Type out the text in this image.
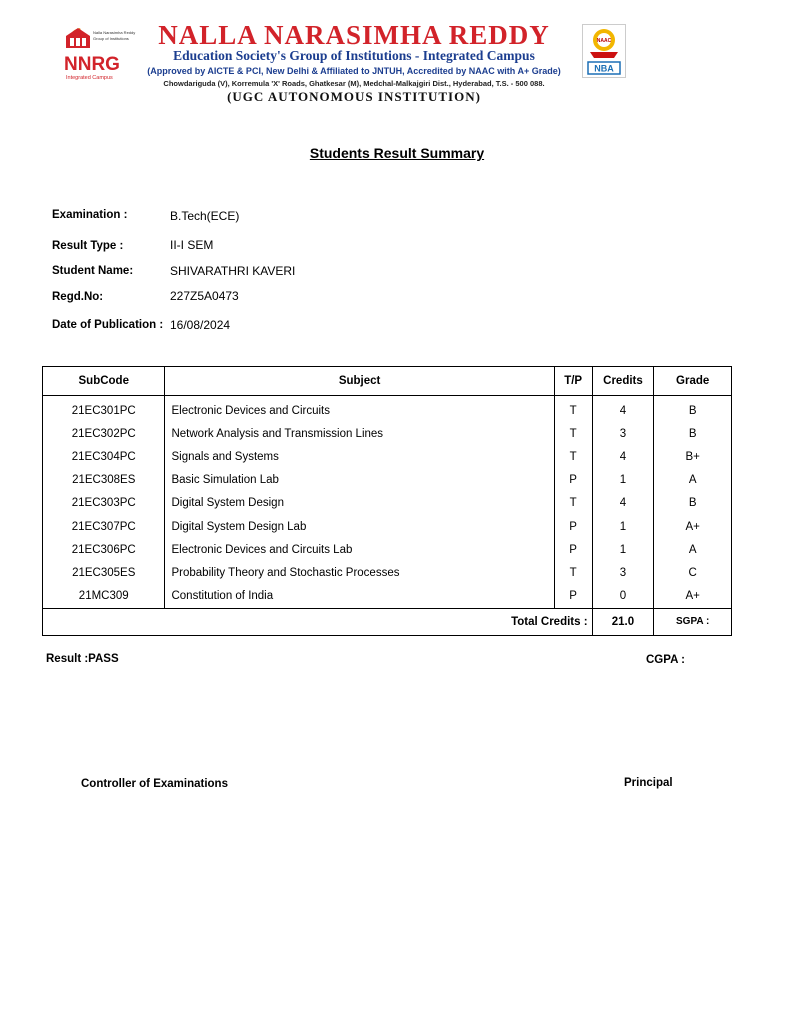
Nalla Narasimha Reddy
Group of Institutions
NNRG
Integrated Campus
NALLA NARASIMHA REDDY
Education Society's Group of Institutions - Integrated Campus
(Approved by AICTE & PCI, New Delhi & Affiliated to JNTUH, Accredited by NAAC with A+ Grade)
Chowdariguda (V), Korremula 'X' Roads, Ghatkesar (M), Medchal-Malkajgiri Dist., Hyderabad, T.S. - 500 088.
(UGC AUTONOMOUS INSTITUTION)
NAAC
NBA
Students Result Summary
Examination :	B.Tech(ECE)
Result Type :	II-I SEM
Student Name:	SHIVARATHRI KAVERI
Regd.No:	227Z5A0473
Date of Publication : 16/08/2024
SubCode	Subject	T/P	Credits	Grade
21EC301PC	Electronic Devices and Circuits	T	4	B
21EC302PC	Network Analysis and Transmission Lines	T	3	B
21EC304PC	Signals and Systems	T	4	B+
21EC308ES	Basic Simulation Lab	P	1	A
21EC303PC	Digital System Design	T	4	B
21EC307PC	Digital System Design Lab	P	1	A+
21EC306PC	Electronic Devices and Circuits Lab	P	1	A
21EC305ES	Probability Theory and Stochastic Processes	T	3	C
21MC309	Constitution of India	P	0	A+
Total Credits :			21.0	SGPA :
Result :PASS	CGPA :
Controller of Examinations	Principal
